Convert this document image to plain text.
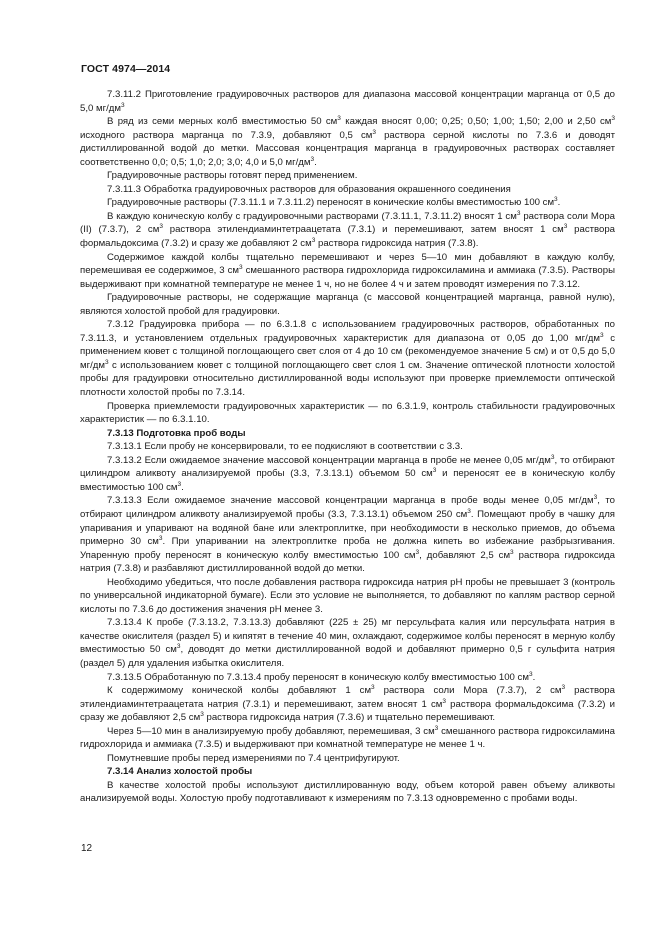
ГОСТ 4974—2014

7.3.11.2 Приготовление градуировочных растворов для диапазона массовой концентрации марганца от 0,5 до 5,0 $мг/дм^3$

В ряд из семи мерных колб вместимостью 50 $см^3$ каждая вносят 0,00; 0,25; 0,50; 1,00; 1,50; 2,00 и 2,50 $см^3$ исходного раствора марганца по 7.3.9, добавляют 0,5 $см^3$ раствора серной кислоты по 7.3.6 и доводят дистиллированной водой до метки. Массовая концентрация марганца в градуировочных растворах составляет соответственно 0,0; 0,5; 1,0; 2,0; 3,0; 4,0 и 5,0 $мг/дм^3$.

Градуировочные растворы готовят перед применением.

7.3.11.3 Обработка градуировочных растворов для образования окрашенного соединения

Градуировочные растворы (7.3.11.1 и 7.3.11.2) переносят в конические колбы вместимостью 100 $см^3$.

В каждую коническую колбу с градуировочными растворами (7.3.11.1, 7.3.11.2) вносят 1 $см^3$ раствора соли Мора (II) (7.3.7), 2 $см^3$ раствора этилендиаминтетраацетата (7.3.1) и перемешивают, затем вносят 1 $см^3$ раствора формальдоксима (7.3.2) и сразу же добавляют 2 $см^3$ раствора гидроксида натрия (7.3.8).

Содержимое каждой колбы тщательно перемешивают и через 5—10 мин добавляют в каждую колбу, перемешивая ее содержимое, 3 $см^3$ смешанного раствора гидрохлорида гидроксиламина и аммиака (7.3.5). Растворы выдерживают при комнатной температуре не менее 1 ч, но не более 4 ч и затем проводят измерения по 7.3.12.

Градуировочные растворы, не содержащие марганца (с массовой концентрацией марганца, равной нулю), являются холостой пробой для градуировки.

7.3.12 Градуировка прибора — по 6.3.1.8 с использованием градуировочных растворов, обработанных по 7.3.11.3, и установлением отдельных градуировочных характеристик для диапазона от 0,05 до 1,00 $мг/дм^3$ с применением кювет с толщиной поглощающего свет слоя от 4 до 10 см (рекомендуемое значение 5 см) и от 0,5 до 5,0 $мг/дм^3$ с использованием кювет с толщиной поглощающего свет слоя 1 см. Значение оптической плотности холостой пробы для градуировки относительно дистиллированной воды используют при проверке приемлемости оптической плотности холостой пробы по 7.3.14.

Проверка приемлемости градуировочных характеристик — по 6.3.1.9, контроль стабильности градуировочных характеристик — по 6.3.1.10.

7.3.13 Подготовка проб воды

7.3.13.1 Если пробу не консервировали, то ее подкисляют в соответствии с 3.3.

7.3.13.2 Если ожидаемое значение массовой концентрации марганца в пробе не менее 0,05 $мг/дм^3$, то отбирают цилиндром аликвоту анализируемой пробы (3.3, 7.3.13.1) объемом 50 $см^3$ и переносят ее в коническую колбу вместимостью 100 $см^3$.

7.3.13.3 Если ожидаемое значение массовой концентрации марганца в пробе воды менее 0,05 $мг/дм^3$, то отбирают цилиндром аликвоту анализируемой пробы (3.3, 7.3.13.1) объемом 250 $см^3$. Помещают пробу в чашку для упаривания и упаривают на водяной бане или электроплитке, при необходимости в несколько приемов, до объема примерно 30 $см^3$. При упаривании на электроплитке проба не должна кипеть во избежание разбрызгивания. Упаренную пробу переносят в коническую колбу вместимостью 100 $см^3$, добавляют 2,5 $см^3$ раствора гидроксида натрия (7.3.8) и разбавляют дистиллированной водой до метки.

Необходимо убедиться, что после добавления раствора гидроксида натрия pH пробы не превышает 3 (контроль по универсальной индикаторной бумаге). Если это условие не выполняется, то добавляют по каплям раствор серной кислоты по 7.3.6 до достижения значения pH менее 3.

7.3.13.4 К пробе (7.3.13.2, 7.3.13.3) добавляют (225 ± 25) мг персульфата калия или персульфата натрия в качестве окислителя (раздел 5) и кипятят в течение 40 мин, охлаждают, содержимое колбы переносят в мерную колбу вместимостью 50 $см^3$, доводят до метки дистиллированной водой и добавляют примерно 0,5 г сульфита натрия (раздел 5) для удаления избытка окислителя.

7.3.13.5 Обработанную по 7.3.13.4 пробу переносят в коническую колбу вместимостью 100 $см^3$.

К содержимому конической колбы добавляют 1 $см^3$ раствора соли Мора (7.3.7), 2 $см^3$ раствора этилендиаминтетраацетата натрия (7.3.1) и перемешивают, затем вносят 1 $см^3$ раствора формальдоксима (7.3.2) и сразу же добавляют 2,5 $см^3$ раствора гидроксида натрия (7.3.6) и тщательно перемешивают.

Через 5—10 мин в анализируемую пробу добавляют, перемешивая, 3 $см^3$ смешанного раствора гидроксиламина гидрохлорида и аммиака (7.3.5) и выдерживают при комнатной температуре не менее 1 ч.

Помутневшие пробы перед измерениями по 7.4 центрифугируют.

7.3.14 Анализ холостой пробы

В качестве холостой пробы используют дистиллированную воду, объем которой равен объему аликвоты анализируемой воды. Холостую пробу подготавливают к измерениям по 7.3.13 одновременно с пробами воды.

12
